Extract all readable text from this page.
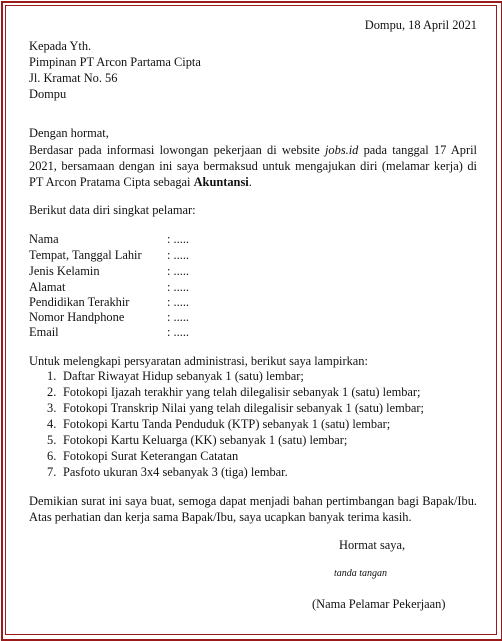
Dompu, 18 April 2021
Kepada Yth.
Pimpinan PT Arcon Partama Cipta
Jl. Kramat No. 56
Dompu
Dengan hormat,
Berdasar pada informasi lowongan pekerjaan di website jobs.id pada tanggal 17 April 2021, bersamaan dengan ini saya bermaksud untuk mengajukan diri (melamar kerja) di PT Arcon Pratama Cipta sebagai Akuntansi.
Berikut data diri singkat pelamar:
Nama	: .....
Tempat, Tanggal Lahir : .....
Jenis Kelamin	: .....
Alamat	: .....
Pendidikan Terakhir	: .....
Nomor Handphone	: .....
Email	: .....
Untuk melengkapi persyaratan administrasi, berikut saya lampirkan:
1. Daftar Riwayat Hidup sebanyak 1 (satu) lembar;
2. Fotokopi Ijazah terakhir yang telah dilegalisir sebanyak 1 (satu) lembar;
3. Fotokopi Transkrip Nilai yang telah dilegalisir sebanyak 1 (satu) lembar;
4. Fotokopi Kartu Tanda Penduduk (KTP) sebanyak 1 (satu) lembar;
5. Fotokopi Kartu Keluarga (KK) sebanyak 1 (satu) lembar;
6. Fotokopi Surat Keterangan Catatan
7. Pasfoto ukuran 3x4 sebanyak 3 (tiga) lembar.
Demikian surat ini saya buat, semoga dapat menjadi bahan pertimbangan bagi Bapak/Ibu. Atas perhatian dan kerja sama Bapak/Ibu, saya ucapkan banyak terima kasih.
Hormat saya,
tanda tangan
(Nama Pelamar Pekerjaan)
